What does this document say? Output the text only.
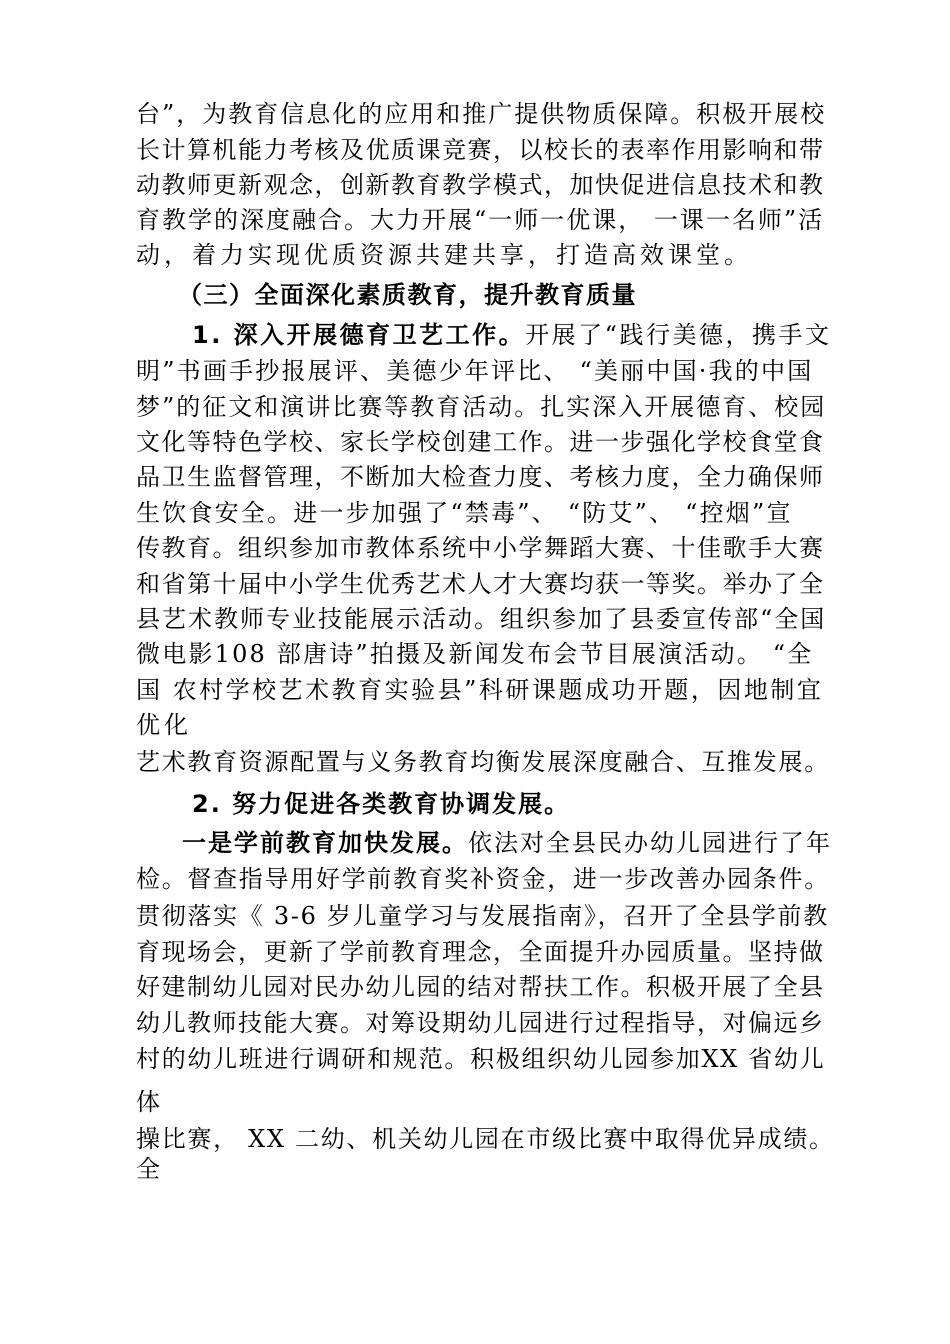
台”，为教育信息化的应用和推广提供物质保障。积极开展校
长计算机能力考核及优质课竞赛，以校长的表率作用影响和带
动教师更新观念，创新教育教学模式，加快促进信息技术和教
育教学的深度融合。大力开展“一师一优课， 一课一名师”活
动，着力实现优质资源共建共享，打造高效课堂。
（三）全面深化素质教育，提升教育质量
1. 深入开展德育卫艺工作。开展了“践行美德，携手文
明”书画手抄报展评、美德少年评比、 “美丽中国·我的中国
梦”的征文和演讲比赛等教育活动。扎实深入开展德育、校园
文化等特色学校、家长学校创建工作。进一步强化学校食堂食
品卫生监督管理，不断加大检查力度、考核力度，全力确保师
生饮食安全。进一步加强了“禁毒”、 “防艾”、 “控烟”宣
传教育。组织参加市教体系统中小学舞蹈大赛、十佳歌手大赛
和省第十届中小学生优秀艺术人才大赛均获一等奖。举办了全
县艺术教师专业技能展示活动。组织参加了县委宣传部“全国
微电影108 部唐诗”拍摄及新闻发布会节目展演活动。 “全
国 农村学校艺术教育实验县”科研课题成功开题，因地制宜
优化
艺术教育资源配置与义务教育均衡发展深度融合、互推发展。
2. 努力促进各类教育协调发展。
一是学前教育加快发展。依法对全县民办幼儿园进行了年
检。督查指导用好学前教育奖补资金，进一步改善办园条件。
贯彻落实《 3-6 岁儿童学习与发展指南》，召开了全县学前教
育现场会，更新了学前教育理念，全面提升办园质量。坚持做
好建制幼儿园对民办幼儿园的结对帮扶工作。积极开展了全县
幼儿教师技能大赛。对筹设期幼儿园进行过程指导，对偏远乡
村的幼儿班进行调研和规范。积极组织幼儿园参加XX 省幼儿
体
操比赛， XX 二幼、机关幼儿园在市级比赛中取得优异成绩。
全
